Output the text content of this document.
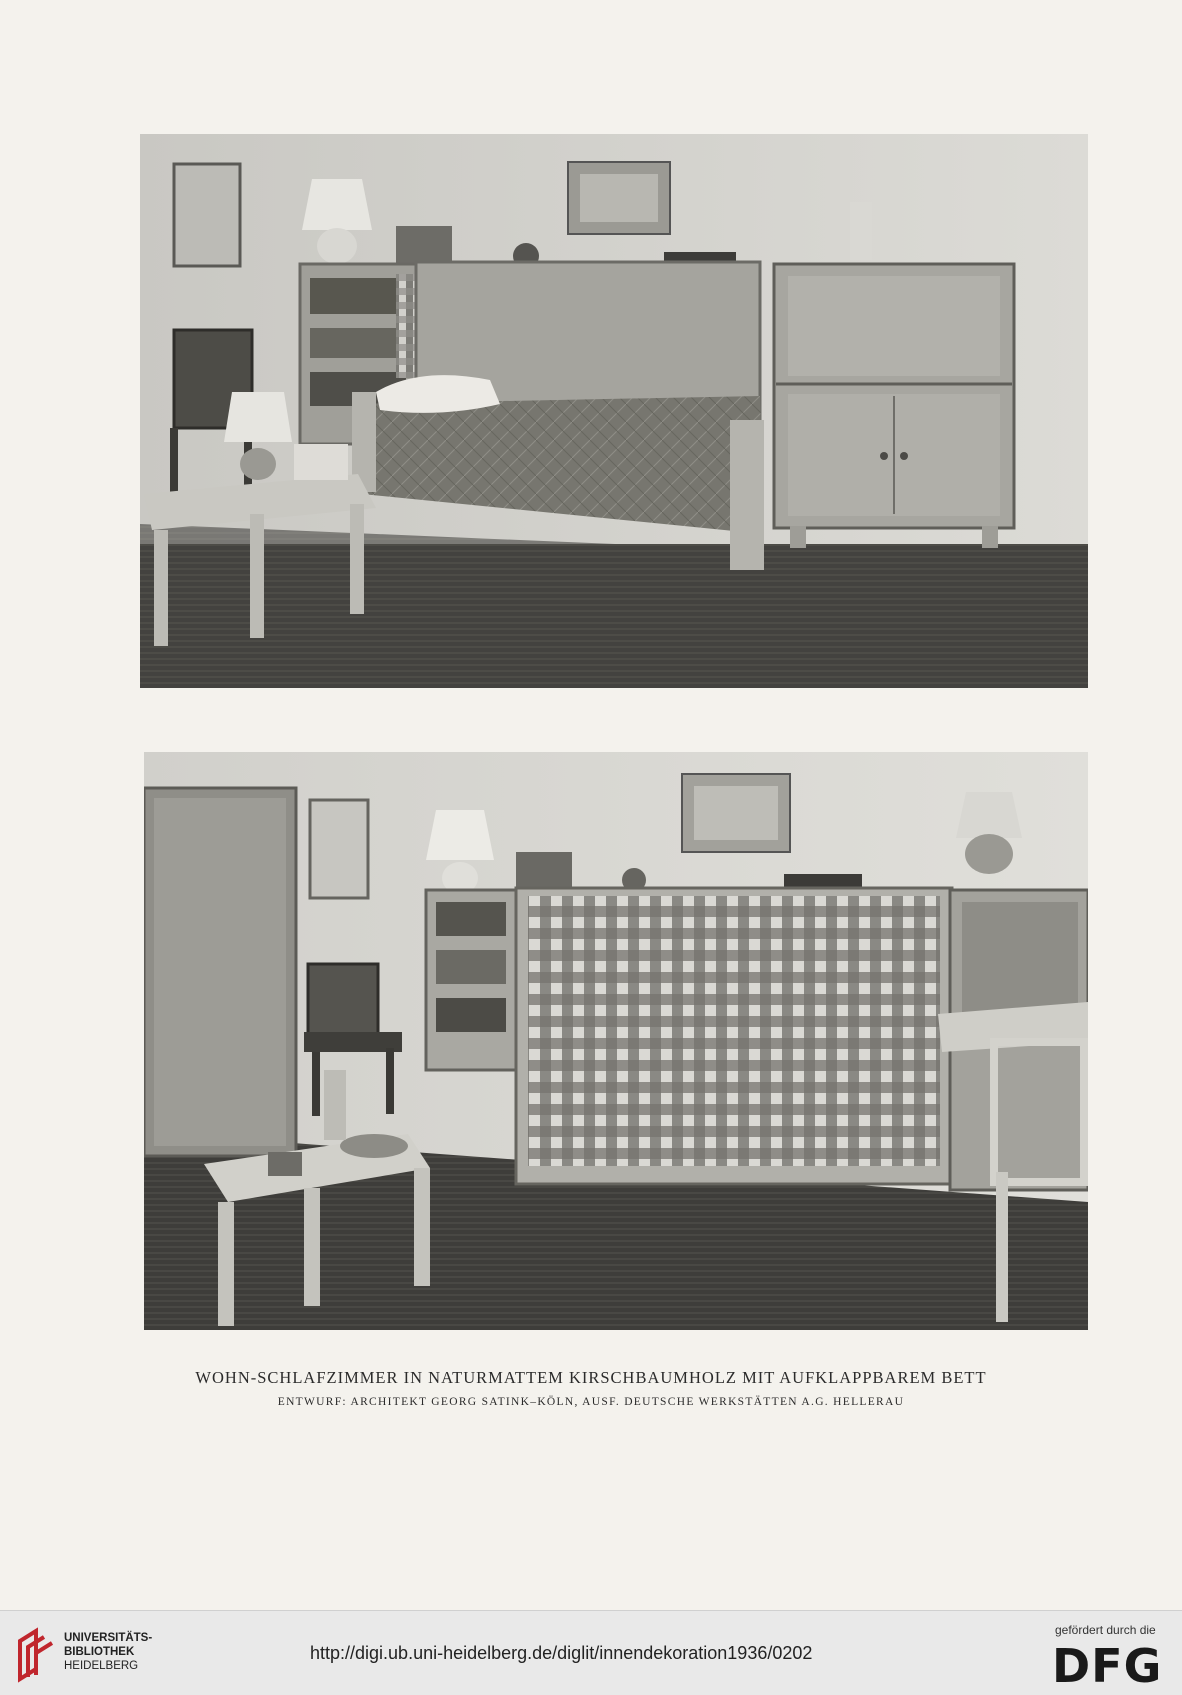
WOHN-SCHLAFZIMMER IN NATURMATTEM KIRSCHBAUMHOLZ MIT AUFKLAPPBAREM BETT
ENTWURF: ARCHITEKT GEORG SATINK–KÖLN, AUSF. DEUTSCHE WERKSTÄTTEN A.G. HELLERAU
UNIVERSITÄTS-
BIBLIOTHEK
HEIDELBERG
http://digi.ub.uni-heidelberg.de/diglit/innendekoration1936/0202
gefördert durch die
DFG
